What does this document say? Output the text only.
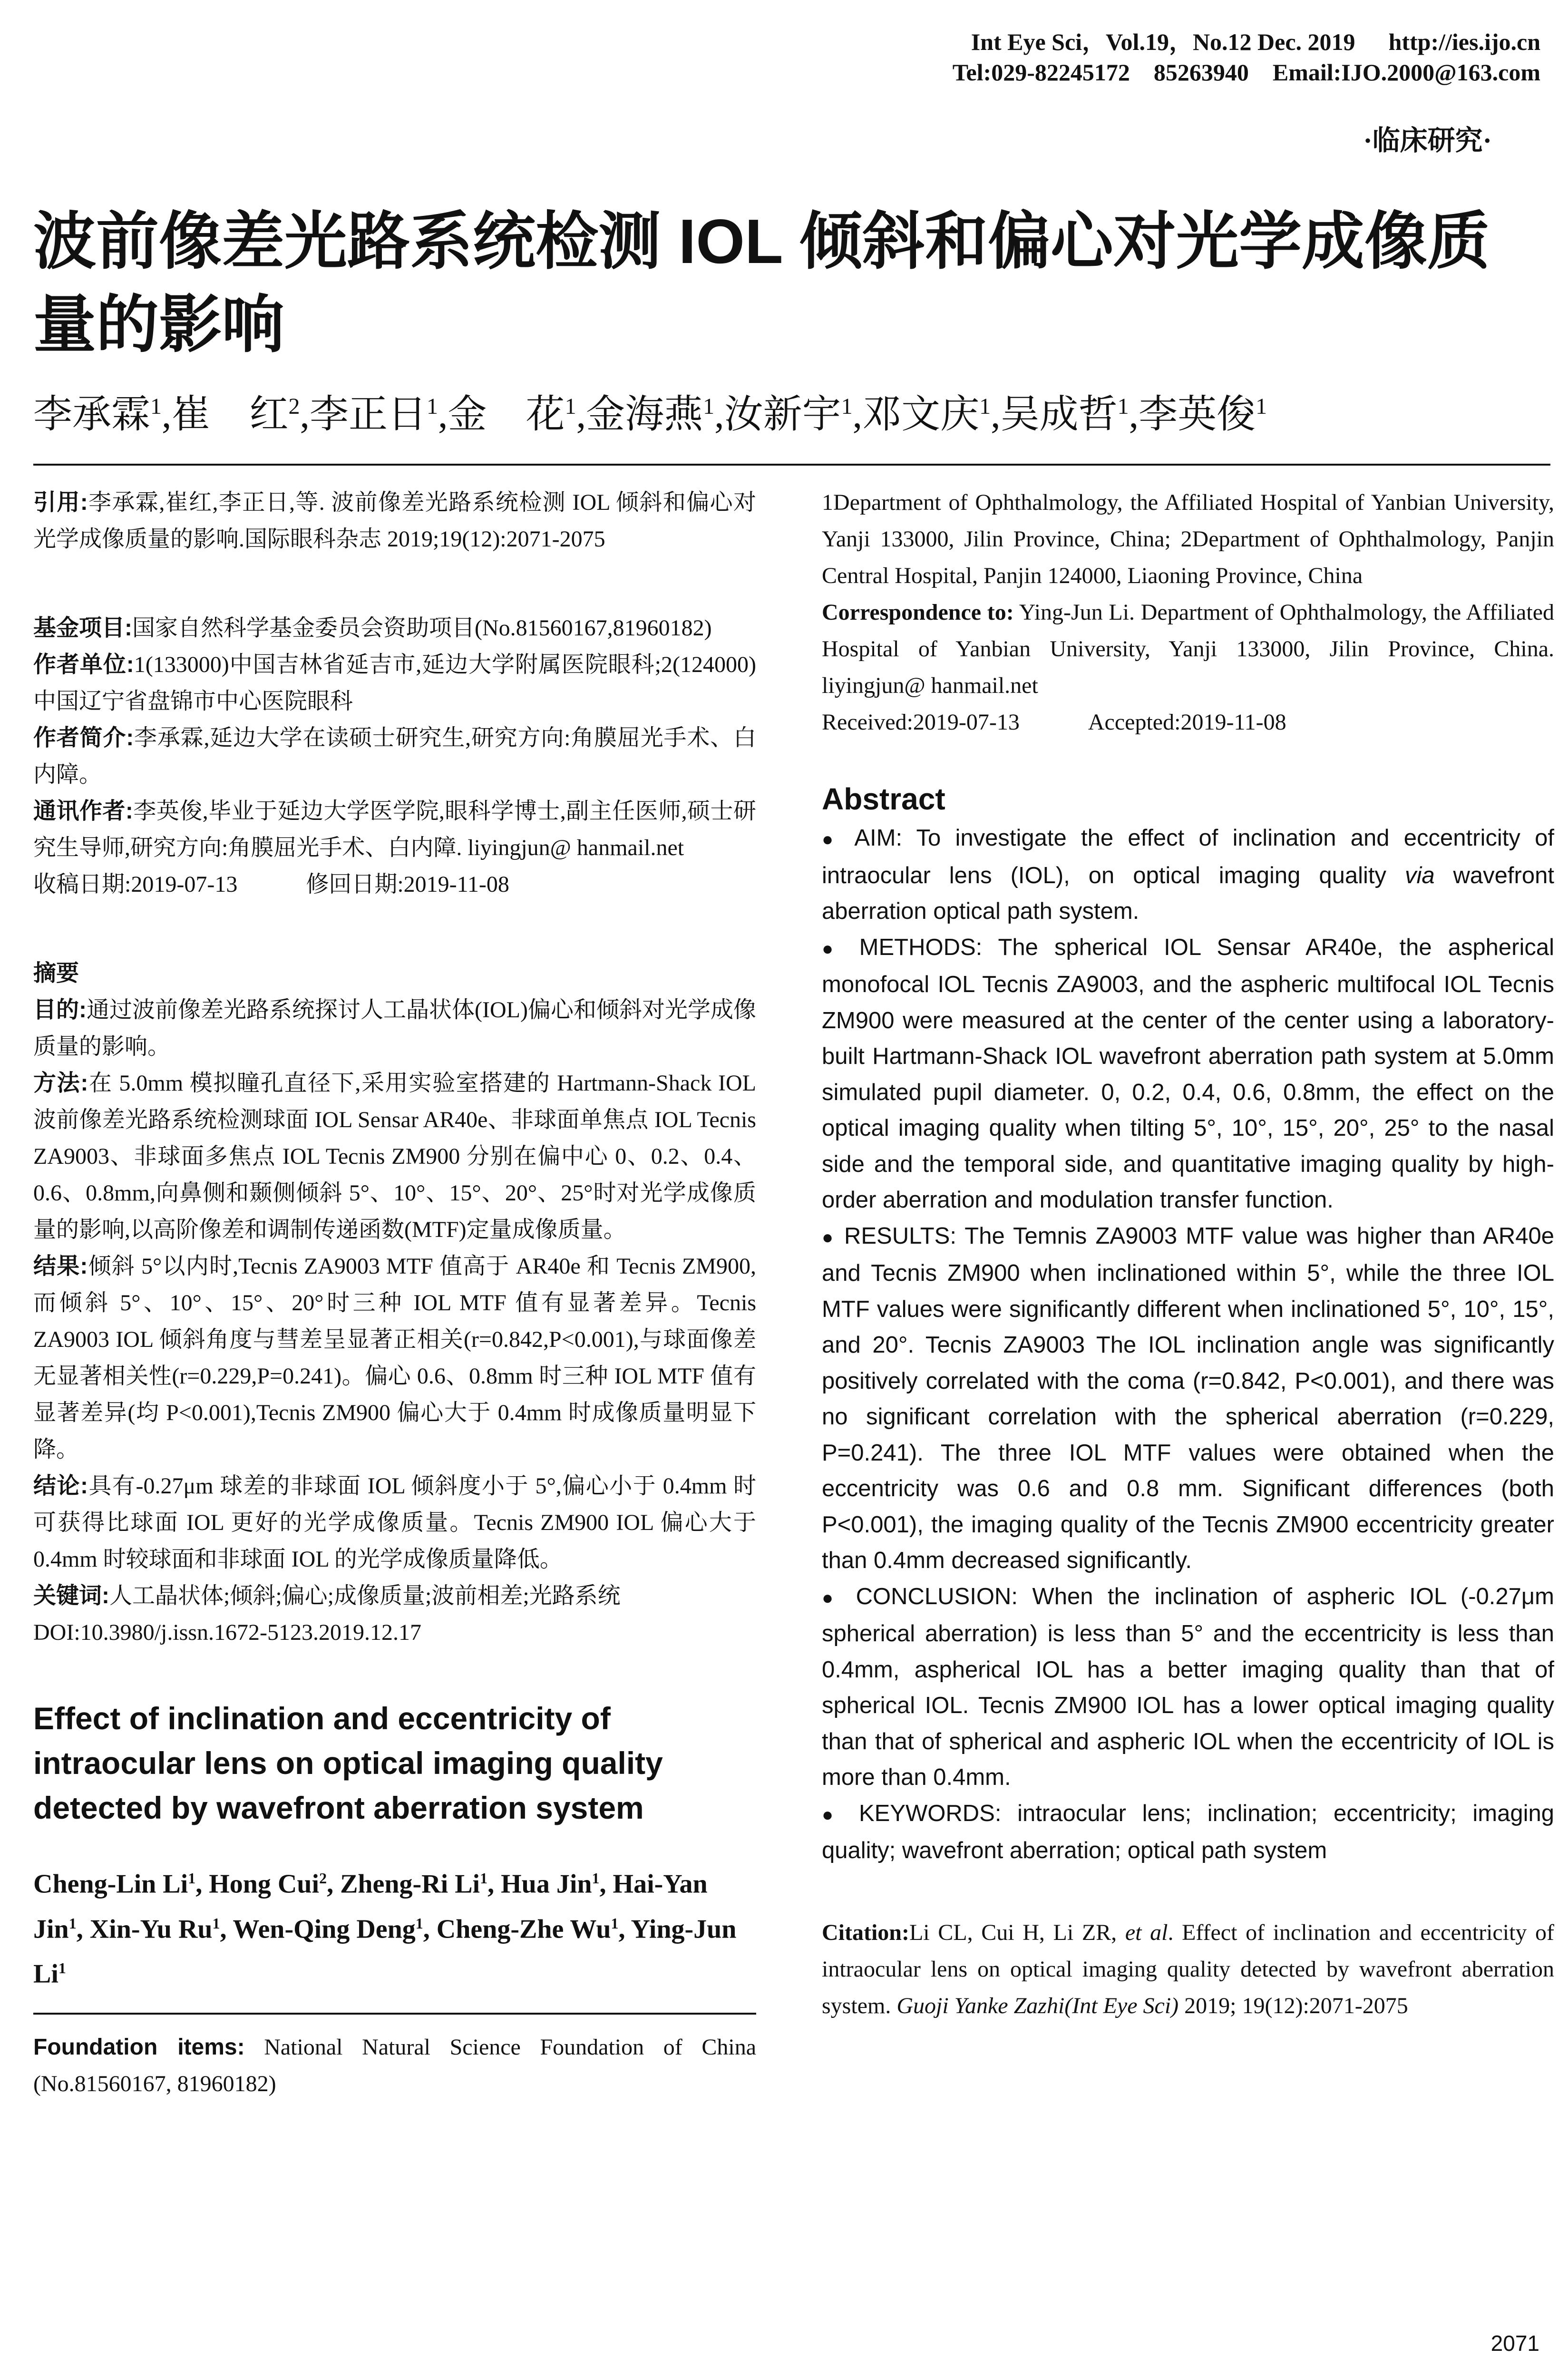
Int Eye Sci，Vol.19，No.12 Dec. 2019 http://ies.ijo.cn
Tel:029-82245172　85263940　 Email:IJO.2000@163.com
·临床研究·
波前像差光路系统检测 IOL 倾斜和偏心对光学成像质量的影响
李承霖$^1$,崔　红$^2$,李正日$^1$,金　花$^1$,金海燕$^1$,汝新宇$^1$,邓文庆$^1$,吴成哲$^1$,李英俊$^1$

引用:李承霖,崔红,李正日,等. 波前像差光路系统检测 IOL 倾斜和偏心对光学成像质量的影响.国际眼科杂志 2019;19(12):2071-2075

基金项目:国家自然科学基金委员会资助项目(No.81560167,81960182)

作者单位:1(133000)中国吉林省延吉市,延边大学附属医院眼科;2(124000)中国辽宁省盘锦市中心医院眼科

作者简介:李承霖,延边大学在读硕士研究生,研究方向:角膜屈光手术、白内障。

通讯作者:李英俊,毕业于延边大学医学院,眼科学博士,副主任医师,硕士研究生导师,研究方向:角膜屈光手术、白内障. liyingjun@ hanmail.net

收稿日期:2019-07-13　　　	修回日期:2019-11-08

摘要

目的:通过波前像差光路系统探讨人工晶状体(IOL)偏心和倾斜对光学成像质量的影响。

方法:在 5.0mm 模拟瞳孔直径下,采用实验室搭建的 Hartmann-Shack IOL 波前像差光路系统检测球面 IOL Sensar AR40e、非球面单焦点 IOL Tecnis ZA9003、非球面多焦点 IOL Tecnis ZM900 分别在偏中心 0、0.2、0.4、0.6、0.8mm,向鼻侧和颞侧倾斜 5°、10°、15°、20°、25°时对光学成像质量的影响,以高阶像差和调制传递函数(MTF)定量成像质量。

结果:倾斜 5°以内时,Tecnis ZA9003 MTF 值高于 AR40e 和 Tecnis ZM900,而倾斜 5°、10°、15°、20°时三种 IOL MTF 值有显著差异。Tecnis ZA9003 IOL 倾斜角度与彗差呈显著正相关(r=0.842,P<0.001),与球面像差无显著相关性(r=0.229,P=0.241)。偏心 0.6、0.8mm 时三种 IOL MTF 值有显著差异(均 P<0.001),Tecnis ZM900 偏心大于 0.4mm 时成像质量明显下降。

结论:具有-0.27μm 球差的非球面 IOL 倾斜度小于 5°,偏心小于 0.4mm 时可获得比球面 IOL 更好的光学成像质量。Tecnis ZM900 IOL 偏心大于 0.4mm 时较球面和非球面 IOL 的光学成像质量降低。

关键词:人工晶状体;倾斜;偏心;成像质量;波前相差;光路系统

DOI:10.3980/j.issn.1672-5123.2019.12.17

Effect of inclination and eccentricity of intraocular lens on optical imaging quality detected by wavefront aberration system
Cheng-Lin Li$^1$, Hong Cui$^2$, Zheng-Ri Li$^1$, Hua Jin$^1$, Hai-Yan Jin$^1$, Xin-Yu Ru$^1$, Wen-Qing Deng$^1$, Cheng-Zhe Wu$^1$, Ying-Jun Li$^1$

Foundation items: National Natural Science Foundation of China (No.81560167, 81960182)

1Department of Ophthalmology, the Affiliated Hospital of Yanbian University, Yanji 133000, Jilin Province, China; 2Department of Ophthalmology, Panjin Central Hospital, Panjin 124000, Liaoning Province, China

Correspondence to: Ying-Jun Li. Department of Ophthalmology, the Affiliated Hospital of Yanbian University, Yanji 133000, Jilin Province, China. liyingjun@ hanmail.net

Received:2019-07-13　　　	Accepted:2019-11-08

Abstract

● AIM: To investigate the effect of inclination and eccentricity of intraocular lens (IOL), on optical imaging quality via wavefront aberration optical path system.

● METHODS: The spherical IOL Sensar AR40e, the aspherical monofocal IOL Tecnis ZA9003, and the aspheric multifocal IOL Tecnis ZM900 were measured at the center of the center using a laboratory-built Hartmann-Shack IOL wavefront aberration path system at 5.0mm simulated pupil diameter. 0, 0.2, 0.4, 0.6, 0.8mm, the effect on the optical imaging quality when tilting 5°, 10°, 15°, 20°, 25° to the nasal side and the temporal side, and quantitative imaging quality by high-order aberration and modulation transfer function.

● RESULTS: The Temnis ZA9003 MTF value was higher than AR40e and Tecnis ZM900 when inclinationed within 5°, while the three IOL MTF values were significantly different when inclinationed 5°, 10°, 15°, and 20°. Tecnis ZA9003 The IOL inclination angle was significantly positively correlated with the coma (r=0.842, P<0.001), and there was no significant correlation with the spherical aberration (r=0.229, P=0.241). The three IOL MTF values were obtained when the eccentricity was 0.6 and 0.8 mm. Significant differences (both P<0.001), the imaging quality of the Tecnis ZM900 eccentricity greater than 0.4mm decreased significantly.

● CONCLUSION: When the inclination of aspheric IOL (-0.27μm spherical aberration) is less than 5° and the eccentricity is less than 0.4mm, aspherical IOL has a better imaging quality than that of spherical IOL. Tecnis ZM900 IOL has a lower optical imaging quality than that of spherical and aspheric IOL when the eccentricity of IOL is more than 0.4mm.

● KEYWORDS: intraocular lens; inclination; eccentricity; imaging quality; wavefront aberration; optical path system

Citation:Li CL, Cui H, Li ZR, et al. Effect of inclination and eccentricity of intraocular lens on optical imaging quality detected by wavefront aberration system. Guoji Yanke Zazhi(Int Eye Sci) 2019; 19(12):2071-2075

2071
